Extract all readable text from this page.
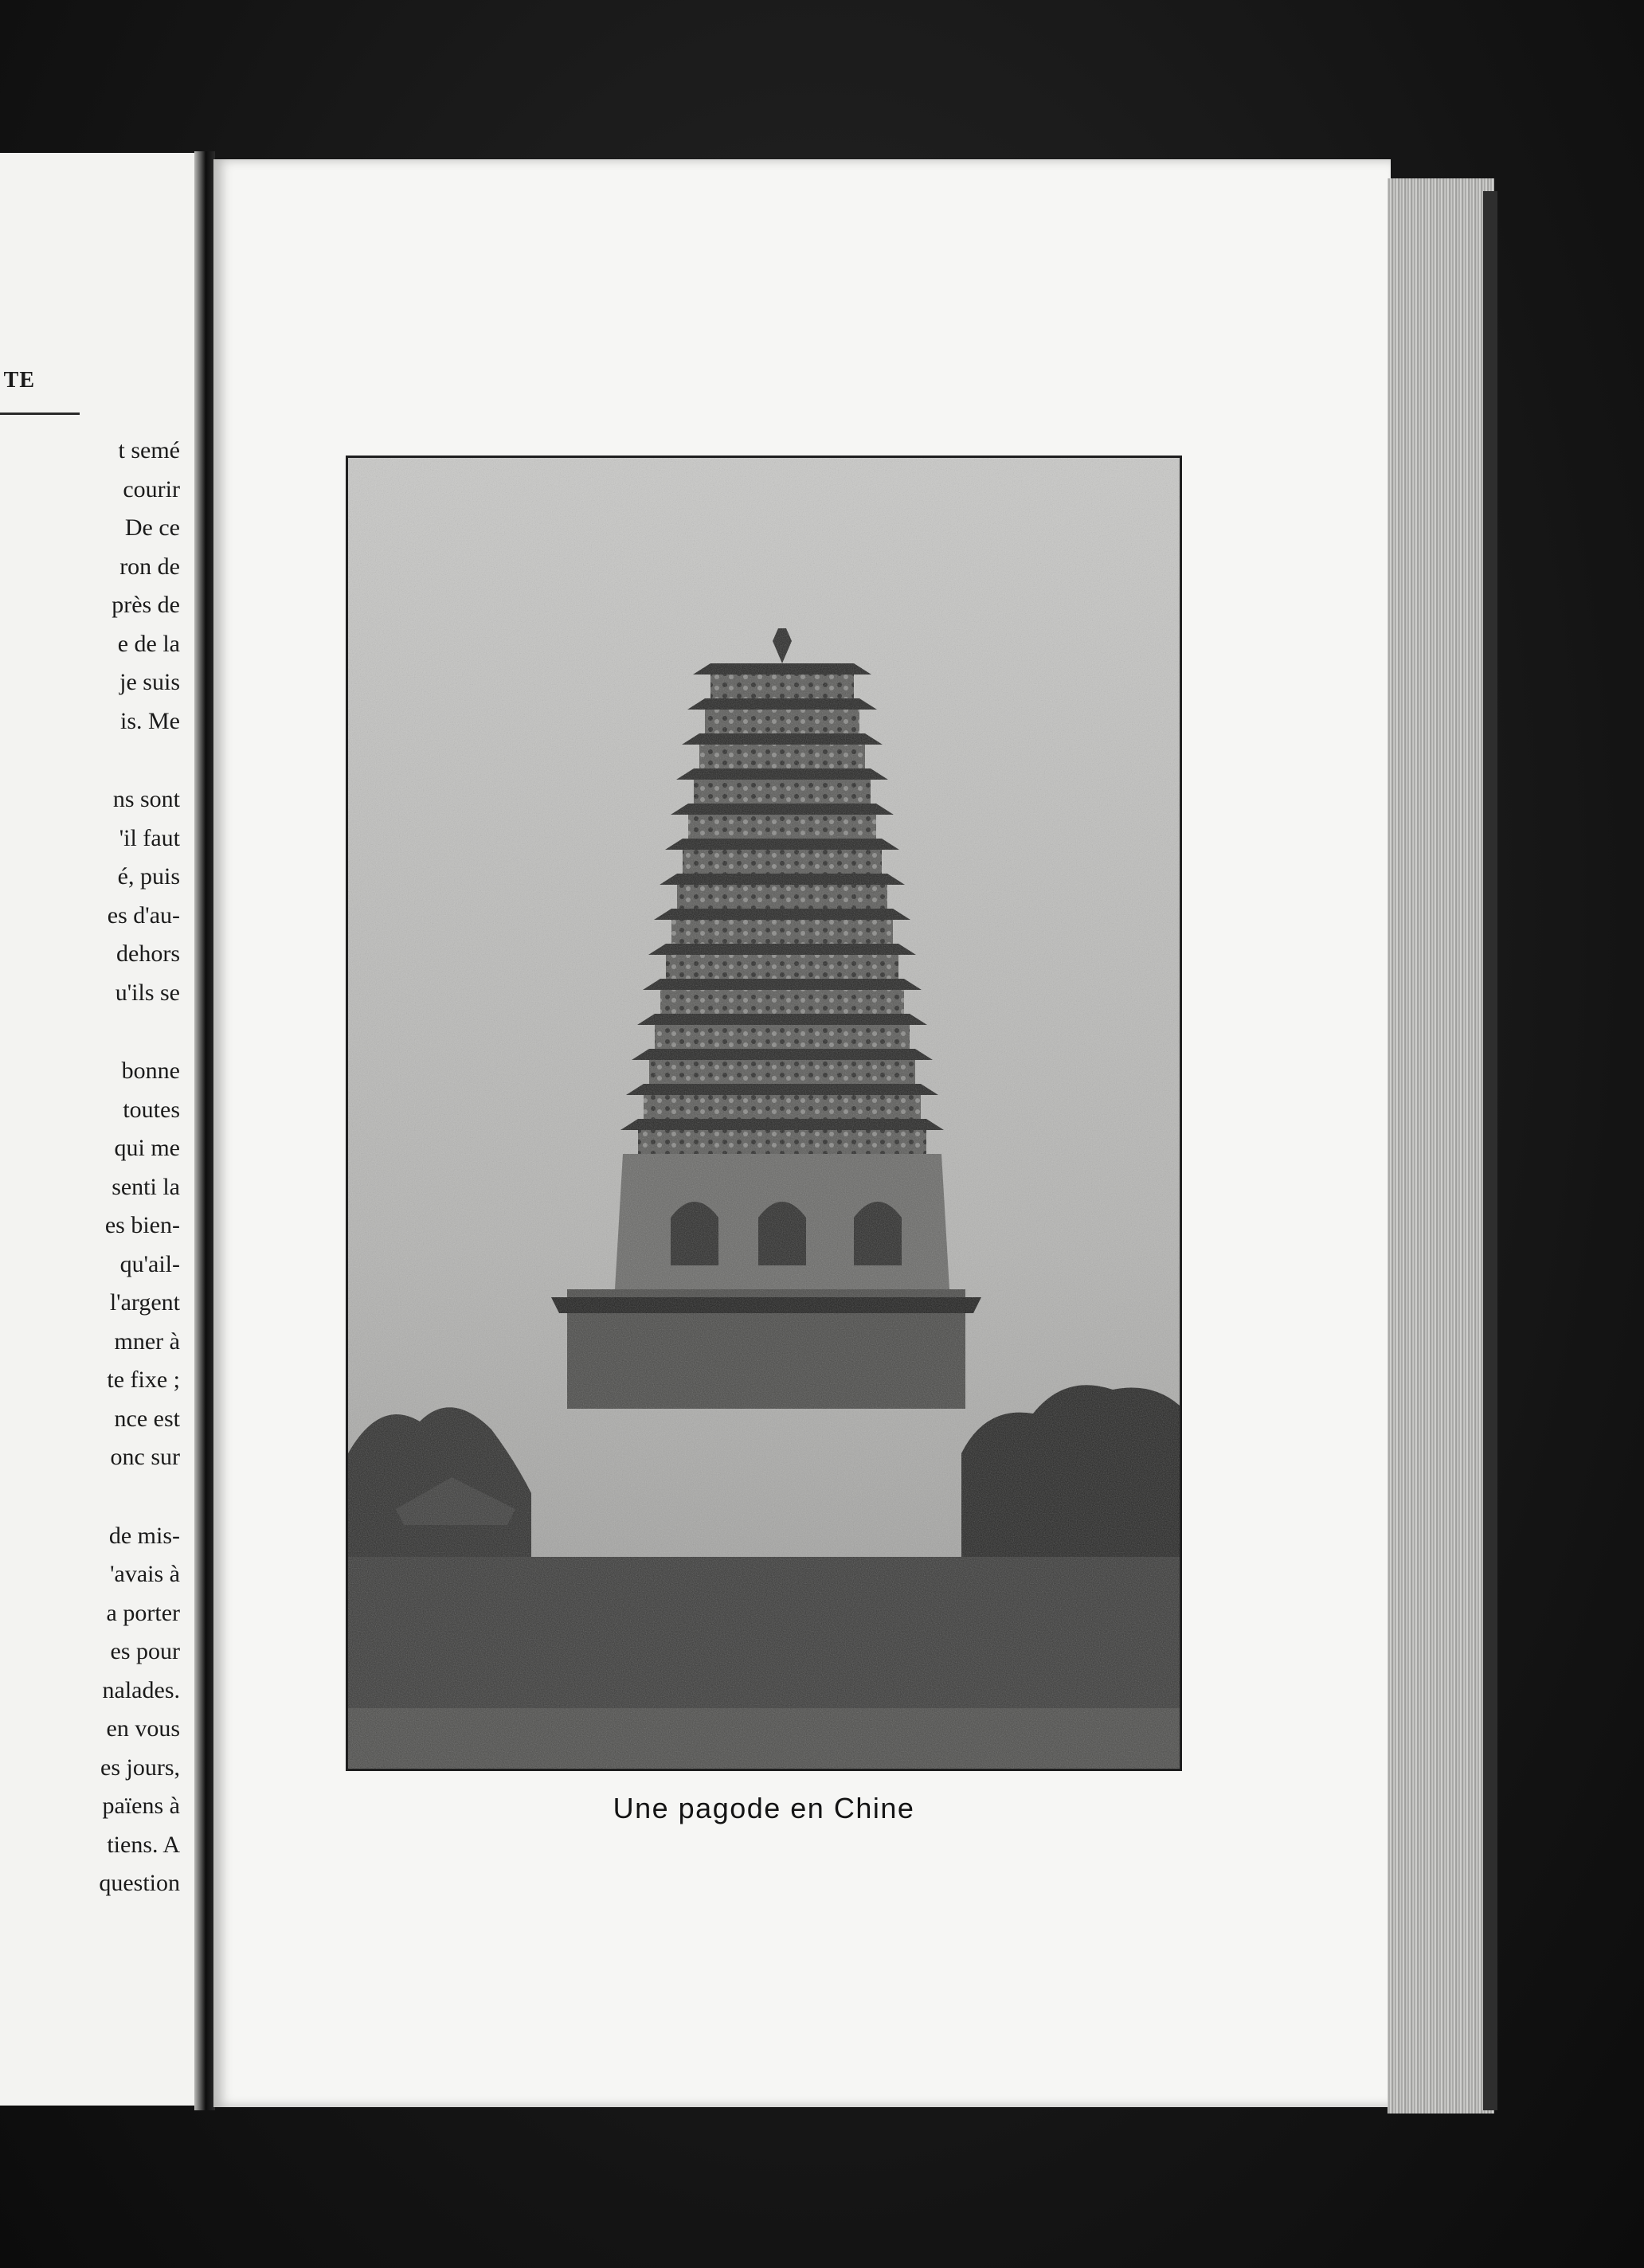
TE
t semé
courir
De ce
ron de
près de
e de la
je suis
is. Me
ns sont
'il faut
é, puis
es d'au-
dehors
u'ils se
bonne
toutes
qui me
senti la
es bien-
qu'ail-
l'argent
mner à
te fixe ;
nce est
onc sur
de mis-
'avais à
a porter
es pour
nalades.
en vous
es jours,
païens à
tiens. A
question
Une pagode en Chine
